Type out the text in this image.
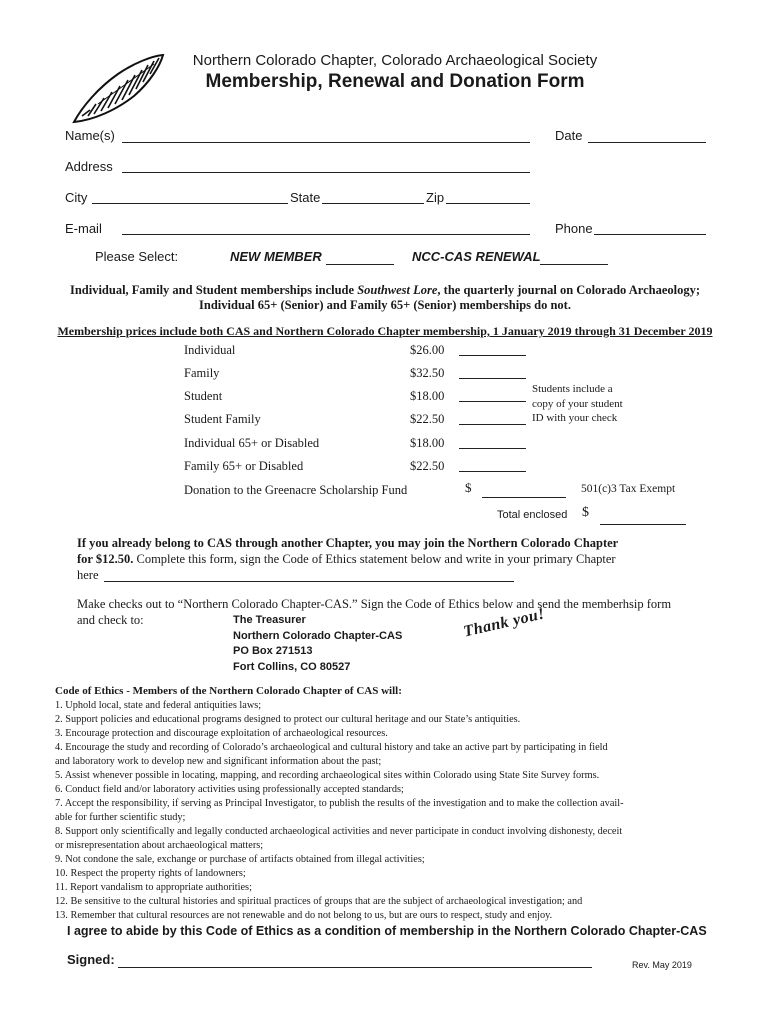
Northern Colorado Chapter, Colorado Archaeological Society
Membership, Renewal and Donation Form
Name(s)	Date
Address
City	State	Zip
E-mail	Phone
Please Select:	NEW MEMBER	NCC-CAS RENEWAL
Individual, Family and Student memberships include Southwest Lore, the quarterly journal on Colorado Archaeology;
Individual 65+ (Senior) and Family 65+ (Senior) memberships do not.
Membership prices include both CAS and Northern Colorado Chapter membership, 1 January 2019 through 31 December 2019
Individual	$26.00
Family	$32.50
Student	$18.00
Student Family	$22.50
Individual 65+ or Disabled	$18.00
Family 65+ or Disabled	$22.50
Students include a
copy of your student
ID with your check
Donation to the Greenacre Scholarship Fund	$	501(c)3 Tax Exempt
Total enclosed $
If you already belong to CAS through another Chapter, you may join the Northern Colorado Chapter
for $12.50. Complete this form, sign the Code of Ethics statement below and write in your primary Chapter
here
Make checks out to “Northern Colorado Chapter-CAS.” Sign the Code of Ethics below and send the memberhsip form
and check to:	The Treasurer
Northern Colorado Chapter-CAS
PO Box 271513
Fort Collins, CO 80527
Thank you!
Code of Ethics - Members of the Northern Colorado Chapter of CAS will:
1. Uphold local, state and federal antiquities laws;
2. Support policies and educational programs designed to protect our cultural heritage and our State’s antiquities.
3. Encourage protection and discourage exploitation of archaeological resources.
4. Encourage the study and recording of Colorado’s archaeological and cultural history and take an active part by participating in field
and laboratory work to develop new and significant information about the past;
5. Assist whenever possible in locating, mapping, and recording archaeological sites within Colorado using State Site Survey forms.
6. Conduct field and/or laboratory activities using professionally accepted standards;
7. Accept the responsibility, if serving as Principal Investigator, to publish the results of the investigation and to make the collection avail-
able for further scientific study;
8. Support only scientifically and legally conducted archaeological activities and never participate in conduct involving dishonesty, deceit
or misrepresentation about archaeological matters;
9. Not condone the sale, exchange or purchase of artifacts obtained from illegal activities;
10. Respect the property rights of landowners;
11. Report vandalism to appropriate authorities;
12. Be sensitive to the cultural histories and spiritual practices of groups that are the subject of archaeological investigation; and
13. Remember that cultural resources are not renewable and do not belong to us, but are ours to respect, study and enjoy.
I agree to abide by this Code of Ethics as a condition of membership in the Northern Colorado Chapter-CAS
Signed:	Rev. May 2019
